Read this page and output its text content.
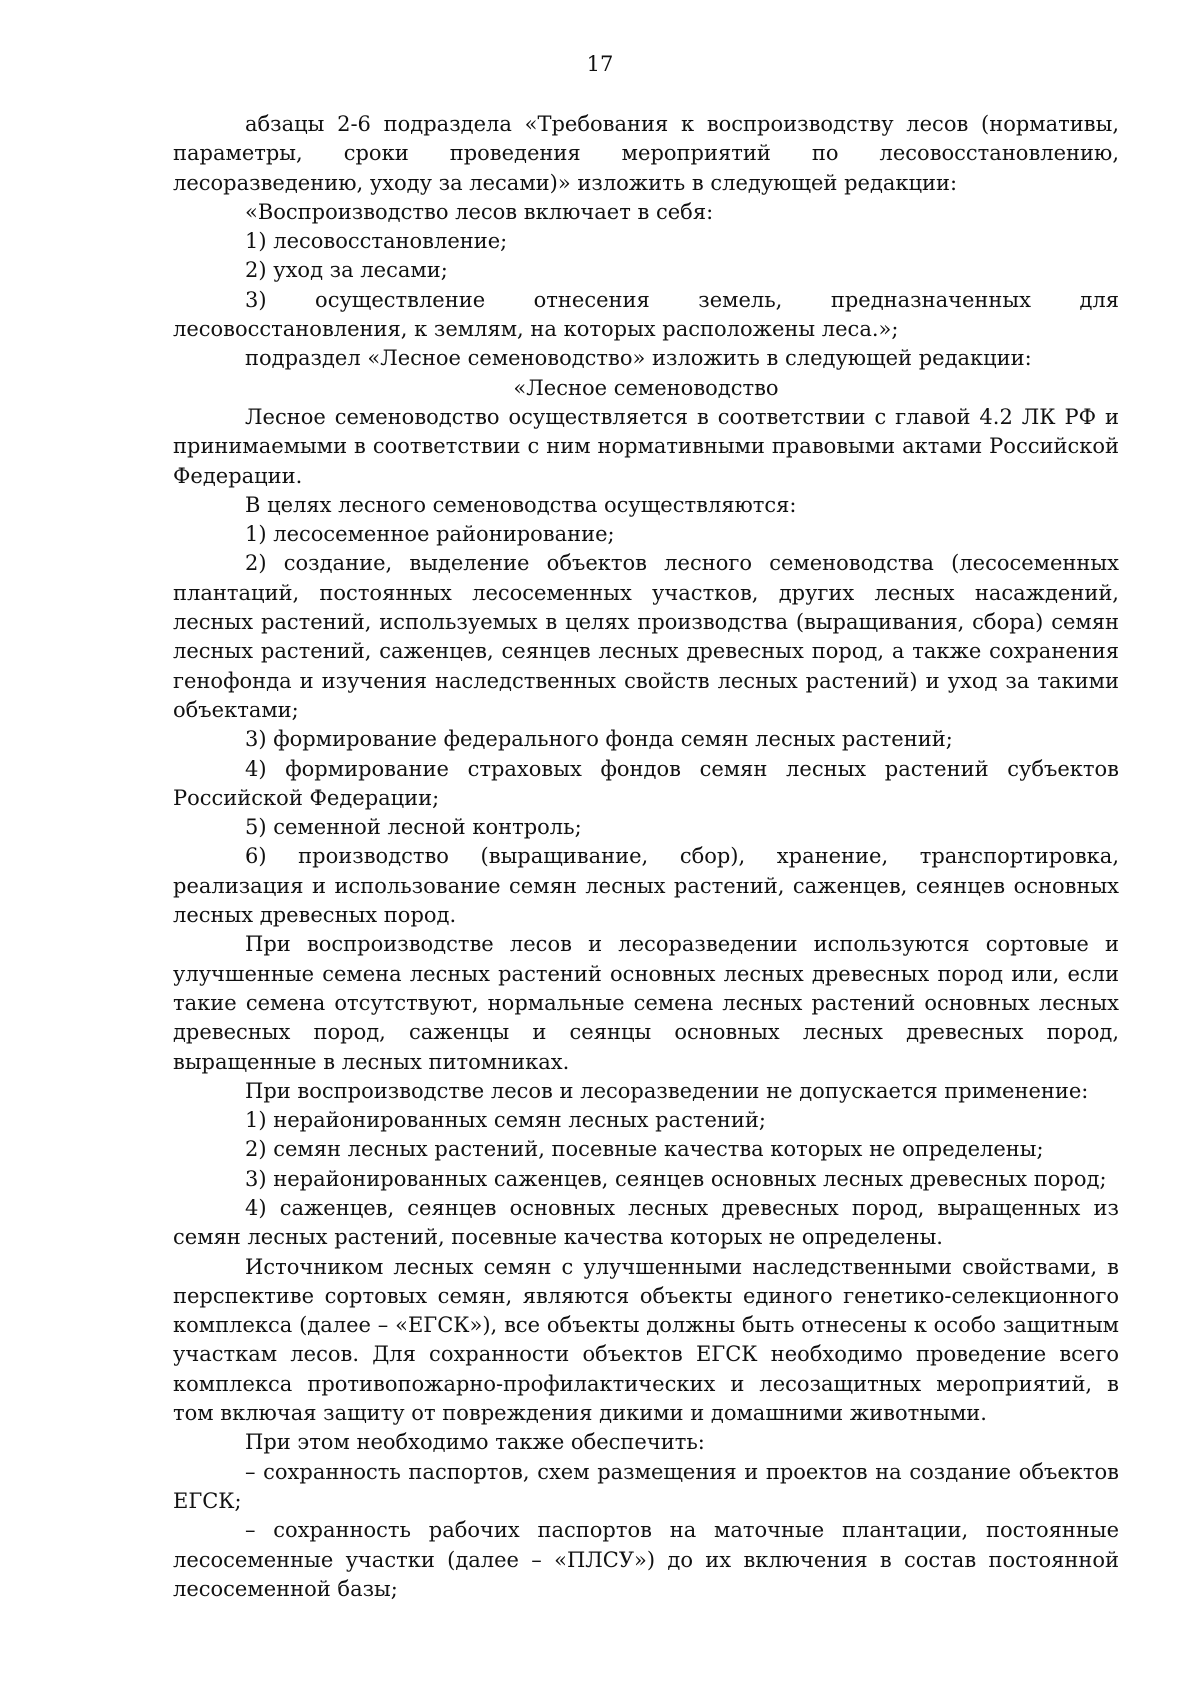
17

абзацы 2-6 подраздела «Требования к воспроизводству лесов (нормативы, параметры, сроки проведения мероприятий по лесовосстановлению, лесоразведению, уходу за лесами)» изложить в следующей редакции:

«Воспроизводство лесов включает в себя:

1) лесовосстановление;

2) уход за лесами;

3) осуществление отнесения земель, предназначенных для лесовосстановления, к землям, на которых расположены леса.»;

подраздел «Лесное семеноводство» изложить в следующей редакции:

«Лесное семеноводство

Лесное семеноводство осуществляется в соответствии с главой 4.2 ЛК РФ и принимаемыми в соответствии с ним нормативными правовыми актами Российской Федерации.

В целях лесного семеноводства осуществляются:

1) лесосеменное районирование;

2) создание, выделение объектов лесного семеноводства (лесосеменных плантаций, постоянных лесосеменных участков, других лесных насаждений, лесных растений, используемых в целях производства (выращивания, сбора) семян лесных растений, саженцев, сеянцев лесных древесных пород, а также сохранения генофонда и изучения наследственных свойств лесных растений) и уход за такими объектами;

3) формирование федерального фонда семян лесных растений;

4) формирование страховых фондов семян лесных растений субъектов Российской Федерации;

5) семенной лесной контроль;

6) производство (выращивание, сбор), хранение, транспортировка, реализация и использование семян лесных растений, саженцев, сеянцев основных лесных древесных пород.

При воспроизводстве лесов и лесоразведении используются сортовые и улучшенные семена лесных растений основных лесных древесных пород или, если такие семена отсутствуют, нормальные семена лесных растений основных лесных древесных пород, саженцы и сеянцы основных лесных древесных пород, выращенные в лесных питомниках.

При воспроизводстве лесов и лесоразведении не допускается применение:

1) нерайонированных семян лесных растений;

2) семян лесных растений, посевные качества которых не определены;

3) нерайонированных саженцев, сеянцев основных лесных древесных пород;

4) саженцев, сеянцев основных лесных древесных пород, выращенных из семян лесных растений, посевные качества которых не определены.

Источником лесных семян с улучшенными наследственными свойствами, в перспективе сортовых семян, являются объекты единого генетико-селекционного комплекса (далее – «ЕГСК»), все объекты должны быть отнесены к особо защитным участкам лесов. Для сохранности объектов ЕГСК необходимо проведение всего комплекса противопожарно-профилактических и лесозащитных мероприятий, в том включая защиту от повреждения дикими и домашними животными.

При этом необходимо также обеспечить:

– сохранность паспортов, схем размещения и проектов на создание объектов ЕГСК;

– сохранность рабочих паспортов на маточные плантации, постоянные лесосеменные участки (далее – «ПЛСУ») до их включения в состав постоянной лесосеменной базы;
